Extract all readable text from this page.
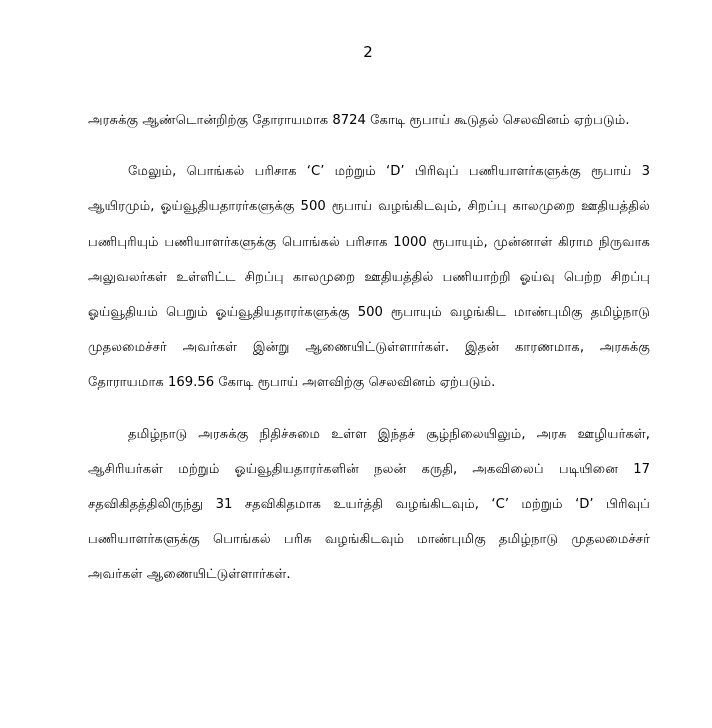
2

அரசுக்கு ஆண்டொன்றிற்கு தோராயமாக 8724 கோடி ரூபாய் கூடுதல் செலவினம் ஏற்படும்.

மேலும், பொங்கல் பரிசாக ‘C’ மற்றும் ‘D’ பிரிவுப் பணியாளர்களுக்கு ரூபாய் 3 ஆயிரமும், ஓய்வூதியதாரர்களுக்கு 500 ரூபாய் வழங்கிடவும், சிறப்பு காலமுறை ஊதியத்தில் பணிபுரியும் பணியாளர்களுக்கு பொங்கல் பரிசாக 1000 ரூபாயும், முன்னாள் கிராம நிருவாக அலுவலர்கள் உள்ளிட்ட சிறப்பு காலமுறை ஊதியத்தில் பணியாற்றி ஓய்வு பெற்ற சிறப்பு ஓய்வூதியம் பெறும் ஓய்வூதியதாரர்களுக்கு 500 ரூபாயும் வழங்கிட மாண்புமிகு தமிழ்நாடு முதலமைச்சர் அவர்கள் இன்று ஆணையிட்டுள்ளார்கள். இதன் காரணமாக, அரசுக்கு தோராயமாக 169.56 கோடி ரூபாய் அளவிற்கு செலவினம் ஏற்படும்.

தமிழ்நாடு அரசுக்கு நிதிச்சுமை உள்ள இந்தச் சூழ்நிலையிலும், அரசு ஊழியர்கள், ஆசிரியர்கள் மற்றும் ஓய்வூதியதாரர்களின் நலன் கருதி, அகவிலைப் படியினை 17 சதவிகிதத்திலிருந்து 31 சதவிகிதமாக உயர்த்தி வழங்கிடவும், ‘C’ மற்றும் ‘D’ பிரிவுப் பணியாளர்களுக்கு பொங்கல் பரிசு வழங்கிடவும் மாண்புமிகு தமிழ்நாடு முதலமைச்சர் அவர்கள் ஆணையிட்டுள்ளார்கள்.
